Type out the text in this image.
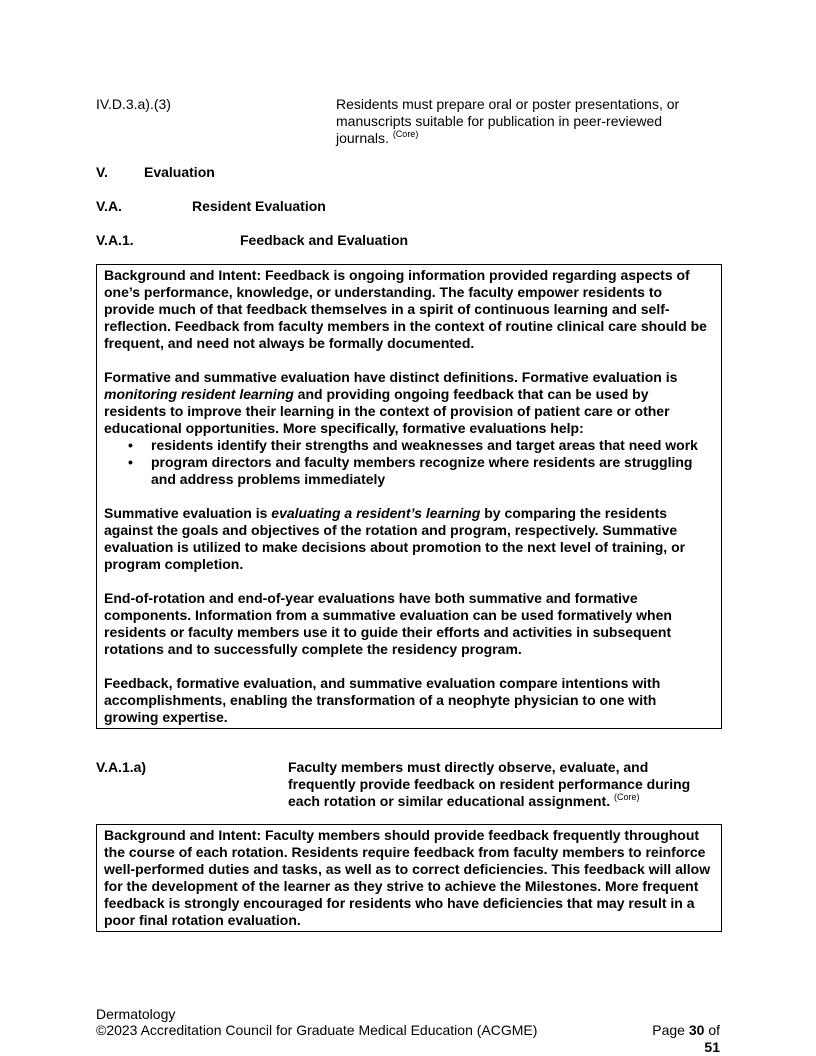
IV.D.3.a).(3)	Residents must prepare oral or poster presentations, or manuscripts suitable for publication in peer-reviewed journals. $^{(Core)}$
V.	Evaluation
V.A.	Resident Evaluation
V.A.1.	Feedback and Evaluation

Background and Intent: Feedback is ongoing information provided regarding aspects of one’s performance, knowledge, or understanding. The faculty empower residents to provide much of that feedback themselves in a spirit of continuous learning and self-reflection. Feedback from faculty members in the context of routine clinical care should be frequent, and need not always be formally documented.

Formative and summative evaluation have distinct definitions. Formative evaluation is monitoring resident learning and providing ongoing feedback that can be used by residents to improve their learning in the context of provision of patient care or other educational opportunities. More specifically, formative evaluations help:

• residents identify their strengths and weaknesses and target areas that need work
• program directors and faculty members recognize where residents are struggling and address problems immediately

Summative evaluation is evaluating a resident’s learning by comparing the residents against the goals and objectives of the rotation and program, respectively. Summative evaluation is utilized to make decisions about promotion to the next level of training, or program completion.

End-of-rotation and end-of-year evaluations have both summative and formative components. Information from a summative evaluation can be used formatively when residents or faculty members use it to guide their efforts and activities in subsequent rotations and to successfully complete the residency program.

Feedback, formative evaluation, and summative evaluation compare intentions with accomplishments, enabling the transformation of a neophyte physician to one with growing expertise.

V.A.1.a)	Faculty members must directly observe, evaluate, and frequently provide feedback on resident performance during each rotation or similar educational assignment. $^{(Core)}$

Background and Intent: Faculty members should provide feedback frequently throughout the course of each rotation. Residents require feedback from faculty members to reinforce well-performed duties and tasks, as well as to correct deficiencies. This feedback will allow for the development of the learner as they strive to achieve the Milestones. More frequent feedback is strongly encouraged for residents who have deficiencies that may result in a poor final rotation evaluation.

Dermatology
©2023 Accreditation Council for Graduate Medical Education (ACGME)	Page 30 of 51
